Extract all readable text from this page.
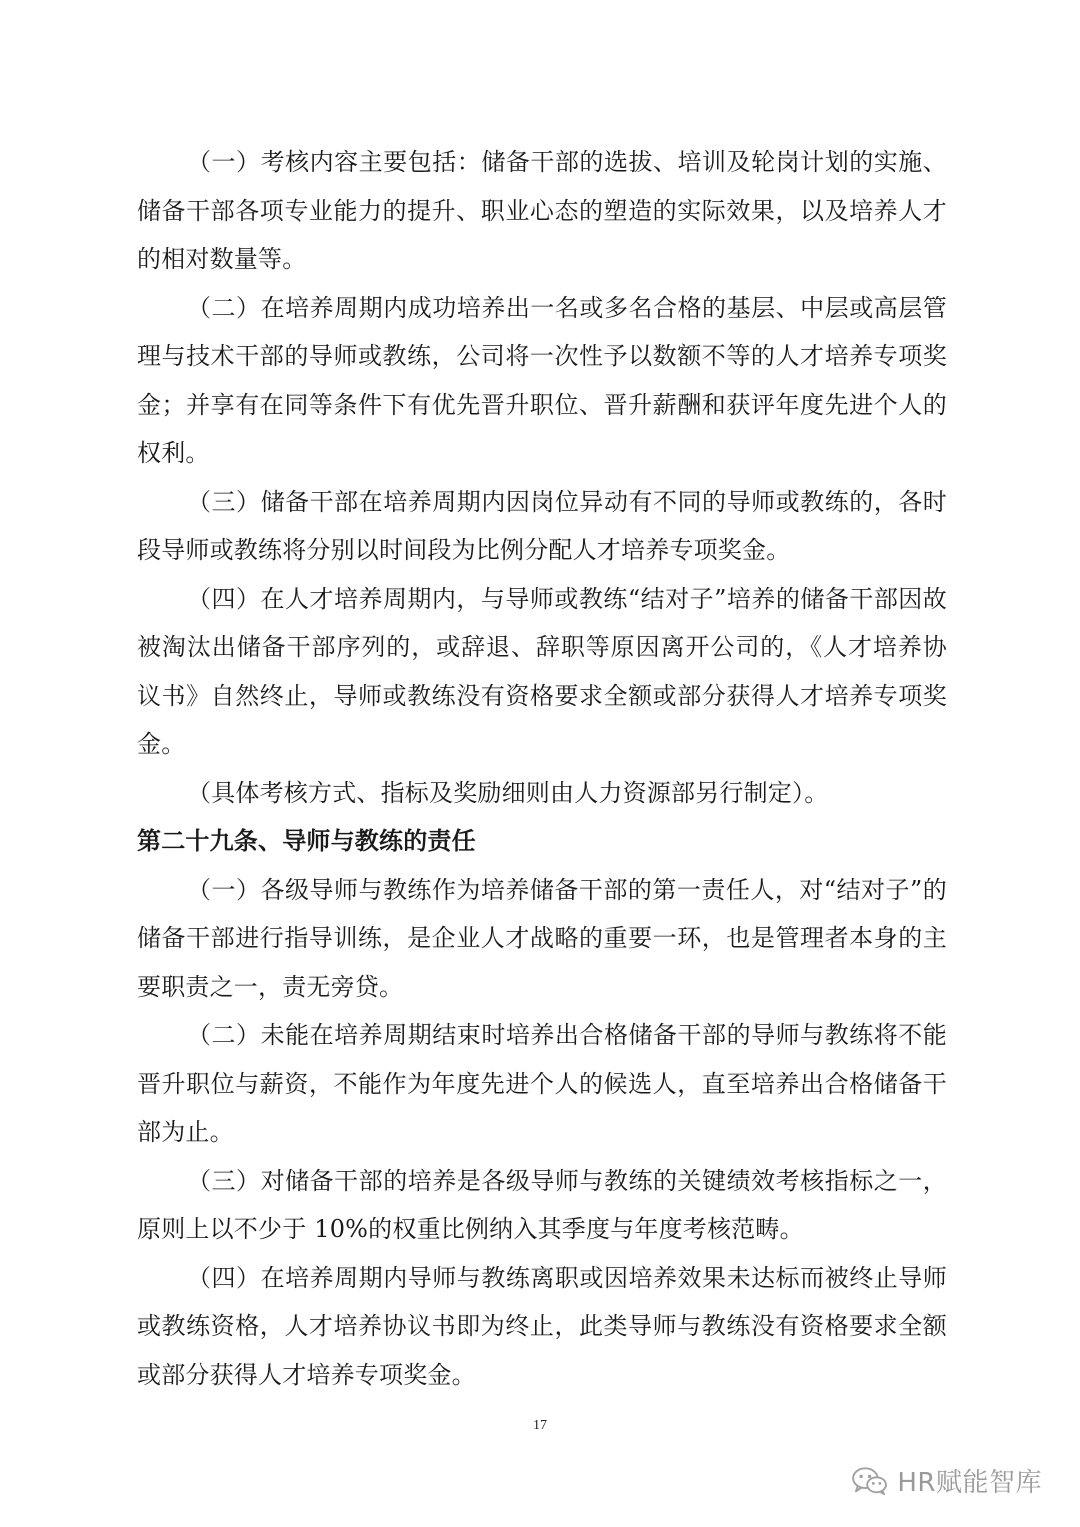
（一）考核内容主要包括：储备干部的选拔、培训及轮岗计划的实施、储备干部各项专业能力的提升、职业心态的塑造的实际效果，以及培养人才的相对数量等。

（二）在培养周期内成功培养出一名或多名合格的基层、中层或高层管理与技术干部的导师或教练，公司将一次性予以数额不等的人才培养专项奖金；并享有在同等条件下有优先晋升职位、晋升薪酬和获评年度先进个人的权利。

（三）储备干部在培养周期内因岗位异动有不同的导师或教练的，各时段导师或教练将分别以时间段为比例分配人才培养专项奖金。

（四）在人才培养周期内，与导师或教练“结对子”培养的储备干部因故被淘汰出储备干部序列的，或辞退、辞职等原因离开公司的，《人才培养协议书》自然终止，导师或教练没有资格要求全额或部分获得人才培养专项奖金。

（具体考核方式、指标及奖励细则由人力资源部另行制定）。

第二十九条、导师与教练的责任

（一）各级导师与教练作为培养储备干部的第一责任人，对“结对子”的储备干部进行指导训练，是企业人才战略的重要一环，也是管理者本身的主要职责之一，责无旁贷。

（二）未能在培养周期结束时培养出合格储备干部的导师与教练将不能晋升职位与薪资，不能作为年度先进个人的候选人，直至培养出合格储备干部为止。

（三）对储备干部的培养是各级导师与教练的关键绩效考核指标之一，原则上以不少于 10%的权重比例纳入其季度与年度考核范畴。

（四）在培养周期内导师与教练离职或因培养效果未达标而被终止导师或教练资格，人才培养协议书即为终止，此类导师与教练没有资格要求全额或部分获得人才培养专项奖金。

17
HR赋能智库
